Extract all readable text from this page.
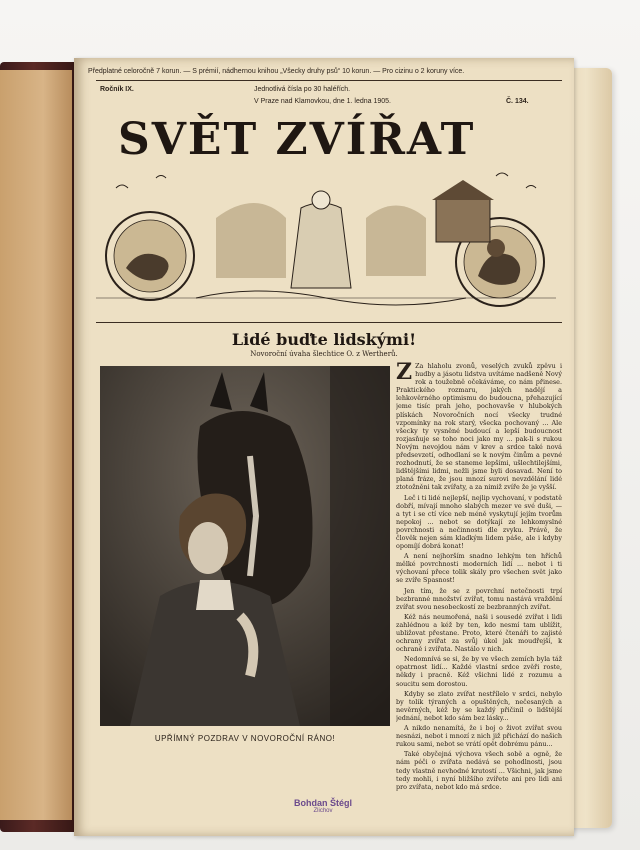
Předplatné celoročně 7 korun. — S prémií, nádhernou knihou „Všecky druhy psů“ 10 korun. — Pro cizinu o 2 koruny více.
Ročník IX.	Jednotlivá čísla po 30 haléřích.
V Praze nad Klamovkou, dne 1. ledna 1905.	Č. 134.
SVĚT ZVÍŘAT
Lidé buďte lidskými!
Novoroční úvaha šlechtice O. z Wertherů.
UPŘÍMNÝ POZDRAV V NOVOROČNÍ RÁNO!

Z Za hlaholu zvonů, veselých zvuků zpěvu i hudby a jásotu lidstva uvítáme nadšeně Nový rok a toužebně očekáváme, co nám přinese. Praktického rozmaru, jakých nadějí a lehkověrného optimismu do budoucna, přehazující jeme tisíc prah jeho, pochovavše v hlubokých plískách Novoročních nocí všecky trudné vzpomínky na rok starý, všecka pochovaný ... Ale všecky ty vysněné budoucí a lepší budoucnost rozjasňuje se toho noci jako my ... pak-li s rukou Novým nevojdou nám v krev a srdce také nová předsevzetí, odhodlaní se k novým činům a pevné rozhodnutí, že se staneme lepšími, ušlechtilejšími, lidštějšími lidmi, nežli jsme byli dosavad. Není to planá fráze, že jsou mnozí surovi nevzdělání lidé ztotožněni tak zvířaty, a za nimiž zvíře že je vyšší.

Leč i ti lidé nejlepší, nejlip vychovaní, v podstatě dobří, mívají mnoho slabých mezer ve své duši, — a tyt i se ctí více neb méně vyskytují jejím tvorům nepokoj ... nebot se dotýkají ze lehkomyslné povrchnosti a nečinnosti dle zvyku. Právě, že člověk nejen sám kladkým lidem páše, ale i kdyby opomíjí dobrá konat!

A není nejhorším snadno lehkým ten hříchů mělké povrchnosti moderních lidí ... nebot i ti výchovaní přece tolik skály pro všechen svět jako se zvíře Spasnost!

Jen tím, že se z povrchní netečnosti trpí bezbranné množství zvířat, tomu nastává vraždění zvířat svou nesobeckostí ze bezbranných zvířat.

Kéž nás neumořená, naši i sousedé zvířat i lidi zahlédnou a kéž by ten, kdo nesmí tam ublížit, ubližovat přestane. Proto, které čtenáři to zajisté ochrany zvířat za svůj úkol jak moudřejší, k ochraně i zvířata. Nastálo v nich.

Nedomnívá se si, že by ve všech zemích byla táž opatrnost lidí... Každé vlastní srdce zvěři roste, někdy i pracně. Kéž všichni lidé z rozumu a soucitu sem dorostou.

Kdyby se zlato zvířat nestřílelo v srdci, nebylo by tolik týraných a opuštěných, nečesaných a nevěrných, kéž by se každý přičinil o lidštější jednání, nebot kdo sám bez lásky...

A nikdo nenamítá, že i boj o život zvířat svou nesnázi, nebot i mnozí z nich již přichází do našich rukou sami, nebot se vrátí opět dobrému pánu...

Také obyčejná výchova všech sobě a ogně, že nám péči o zvířata nedává se pohodlnosti, jsou tedy vlastně nevhodné krutostí ... Všichni, jak jsme tedy mohli, i nyní bližšího zvířete ani pro lidi ani pro zvířata, nebot kdo má srdce.

Bohdan Štégl
Zlichov
